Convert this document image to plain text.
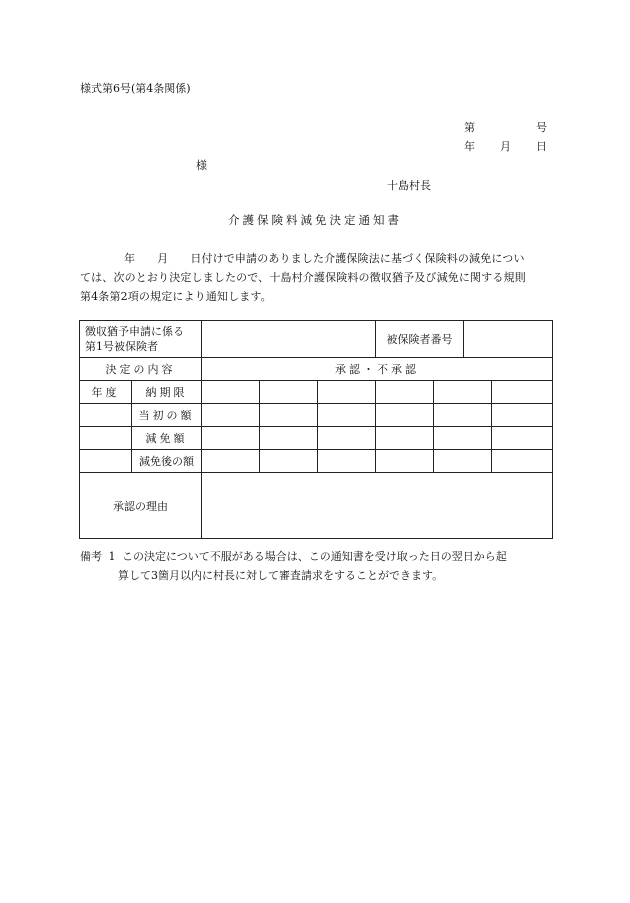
様式第6号(第4条関係)
第	号
年 月 日
様
十島村長
介護保険料減免決定通知書
年 月 日付けで申請のありました介護保険法に基づく保険料の減免につい
ては、次のとおり決定しましたので、十島村介護保険料の徴収猶予及び減免に関する規則
第4条第2項の規定により通知します。
徴収猶予申請に係る
第1号被保険者					被保険者番号			
決定の内容		承認・不承認						
年度	納期限							
	当初の額							
	減免額							
	減免後の額							
承認の理由								
備考 1 この決定について不服がある場合は、この通知書を受け取った日の翌日から起
算して3箇月以内に村長に対して審査請求をすることができます。
